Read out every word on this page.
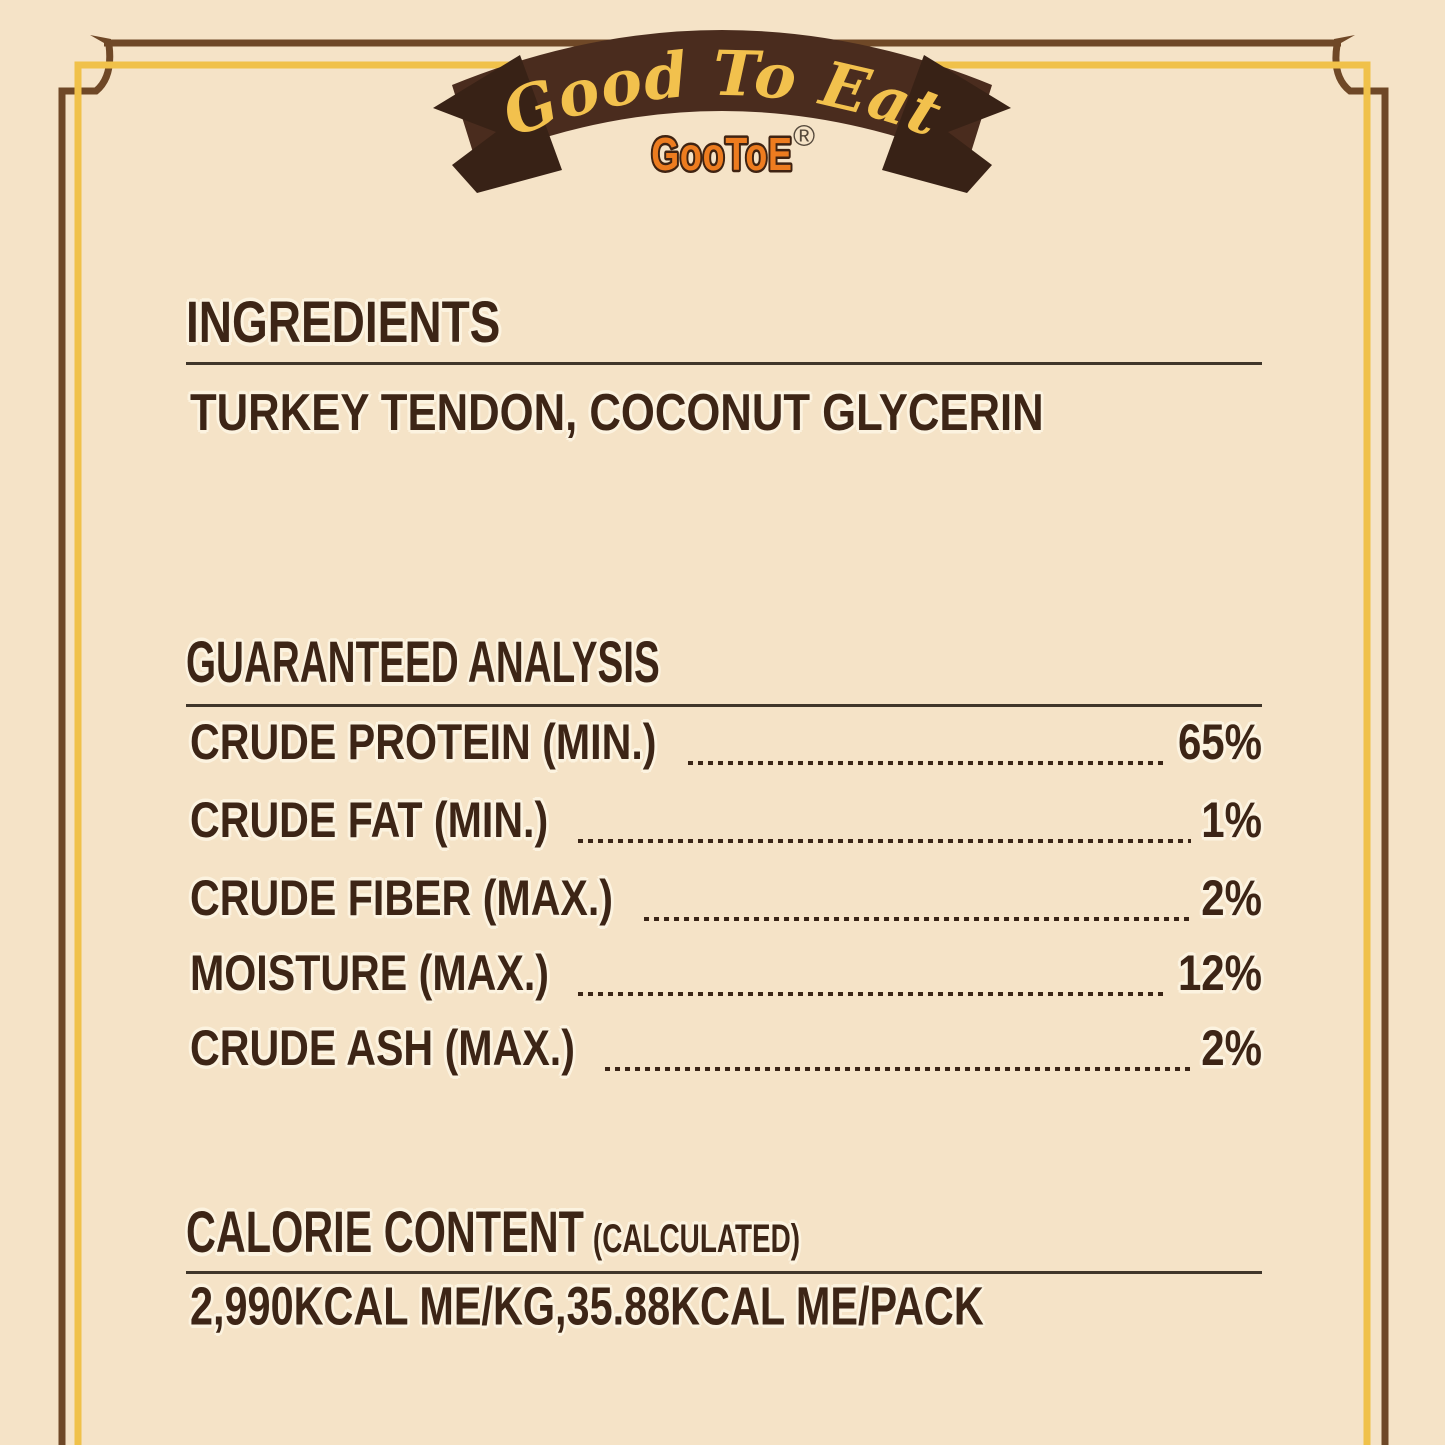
Good To Eat
GooToE ®
INGREDIENTS
TURKEY TENDON, COCONUT GLYCERIN
GUARANTEED ANALYSIS
CRUDE PROTEIN (MIN.)	65%
CRUDE FAT (MIN.)	1%
CRUDE FIBER (MAX.)	2%
MOISTURE (MAX.)	12%
CRUDE ASH (MAX.)	2%
CALORIE CONTENT (CALCULATED)
2,990KCAL ME/KG,35.88KCAL ME/PACK
